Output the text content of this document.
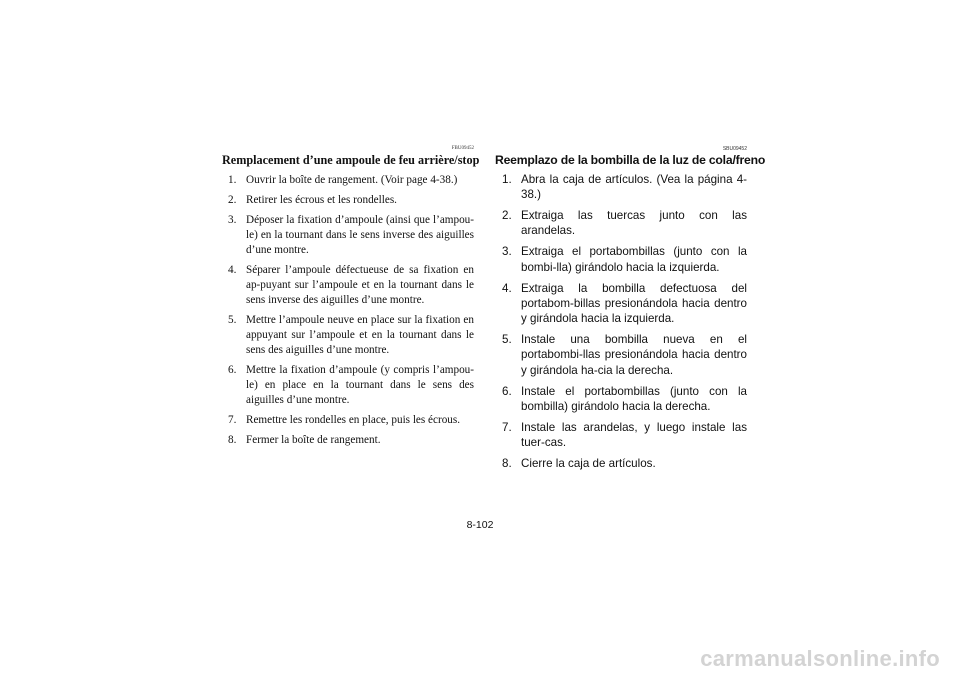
FBU09452
Remplacement d’une ampoule de feu arrière/stop
1. Ouvrir la boîte de rangement. (Voir page 4-38.)
2. Retirer les écrous et les rondelles.
3. Déposer la fixation d’ampoule (ainsi que l’ampou-le) en la tournant dans le sens inverse des aiguilles d’une montre.
4. Séparer l’ampoule défectueuse de sa fixation en ap-puyant sur l’ampoule et en la tournant dans le sens inverse des aiguilles d’une montre.
5. Mettre l’ampoule neuve en place sur la fixation en appuyant sur l’ampoule et en la tournant dans le sens des aiguilles d’une montre.
6. Mettre la fixation d’ampoule (y compris l’ampou-le) en place en la tournant dans le sens des aiguilles d’une montre.
7. Remettre les rondelles en place, puis les écrous.
8. Fermer la boîte de rangement.
SBU09452
Reemplazo de la bombilla de la luz de cola/freno
1. Abra la caja de artículos. (Vea la página 4-38.)
2. Extraiga las tuercas junto con las arandelas.
3. Extraiga el portabombillas (junto con la bombi-lla) girándolo hacia la izquierda.
4. Extraiga la bombilla defectuosa del portabom-billas presionándola hacia dentro y girándola hacia la izquierda.
5. Instale una bombilla nueva en el portabombi-llas presionándola hacia dentro y girándola ha-cia la derecha.
6. Instale el portabombillas (junto con la bombilla) girándolo hacia la derecha.
7. Instale las arandelas, y luego instale las tuer-cas.
8. Cierre la caja de artículos.
8-102
carmanualsonline.info
